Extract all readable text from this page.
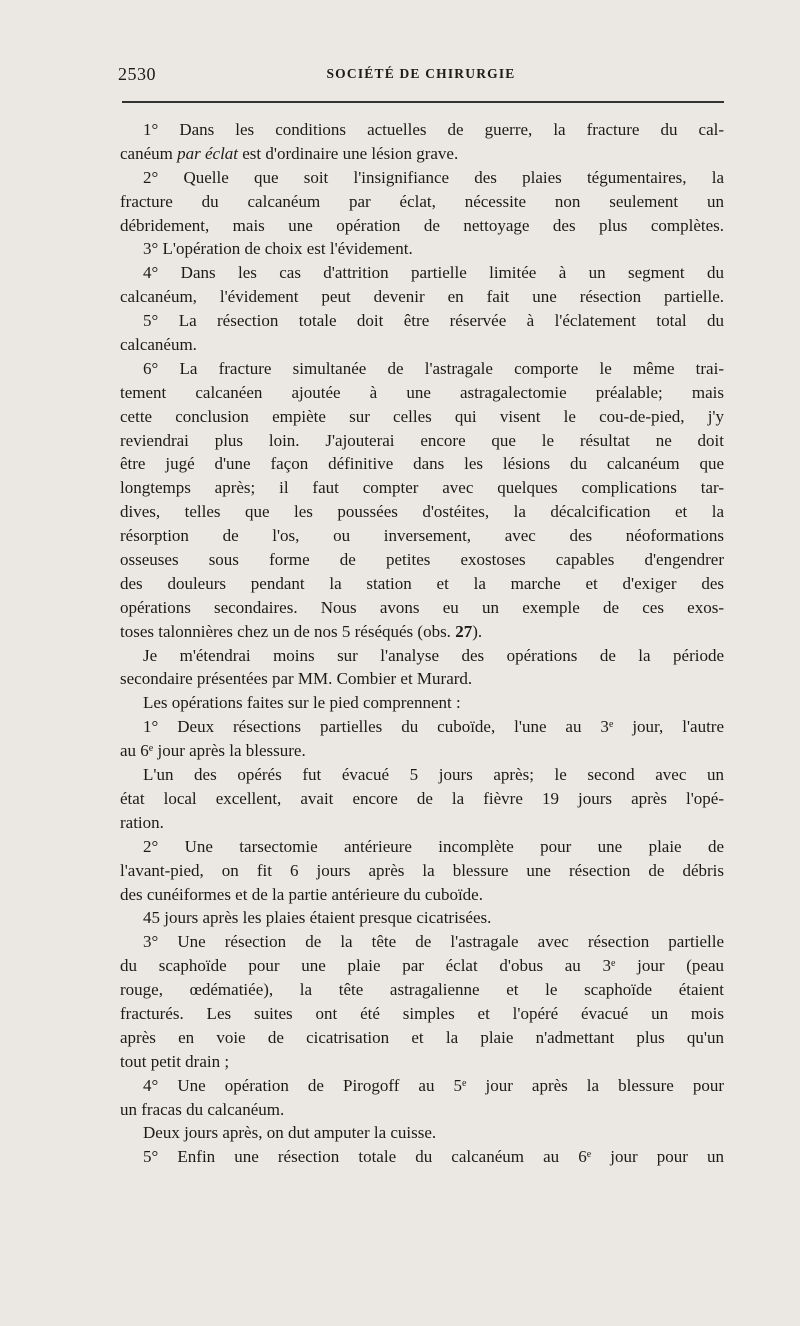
2530	SOCIÉTÉ DE CHIRURGIE
1° Dans les conditions actuelles de guerre, la fracture du cal-
canéum par éclat est d'ordinaire une lésion grave.
2° Quelle que soit l'insignifiance des plaies tégumentaires, la
fracture du calcanéum par éclat, nécessite non seulement un
débridement, mais une opération de nettoyage des plus complètes.
3° L'opération de choix est l'évidement.
4° Dans les cas d'attrition partielle limitée à un segment du
calcanéum, l'évidement peut devenir en fait une résection partielle.
5° La résection totale doit être réservée à l'éclatement total du
calcanéum.
6° La fracture simultanée de l'astragale comporte le même trai-
tement calcanéen ajoutée à une astragalectomie préalable; mais
cette conclusion empiète sur celles qui visent le cou-de-pied, j'y
reviendrai plus loin. J'ajouterai encore que le résultat ne doit
être jugé d'une façon définitive dans les lésions du calcanéum que
longtemps après; il faut compter avec quelques complications tar-
dives, telles que les poussées d'ostéites, la décalcification et la
résorption de l'os, ou inversement, avec des néoformations
osseuses sous forme de petites exostoses capables d'engendrer
des douleurs pendant la station et la marche et d'exiger des
opérations secondaires. Nous avons eu un exemple de ces exos-
toses talonnières chez un de nos 5 réséqués (obs. 27).
Je m'étendrai moins sur l'analyse des opérations de la période
secondaire présentées par MM. Combier et Murard.
Les opérations faites sur le pied comprennent :
1° Deux résections partielles du cuboïde, l'une au 3e jour, l'autre
au 6e jour après la blessure.
L'un des opérés fut évacué 5 jours après; le second avec un
état local excellent, avait encore de la fièvre 19 jours après l'opé-
ration.
2° Une tarsectomie antérieure incomplète pour une plaie de
l'avant-pied, on fit 6 jours après la blessure une résection de débris
des cunéiformes et de la partie antérieure du cuboïde.
45 jours après les plaies étaient presque cicatrisées.
3° Une résection de la tête de l'astragale avec résection partielle
du scaphoïde pour une plaie par éclat d'obus au 3e jour (peau
rouge, œdématiée), la tête astragalienne et le scaphoïde étaient
fracturés. Les suites ont été simples et l'opéré évacué un mois
après en voie de cicatrisation et la plaie n'admettant plus qu'un
tout petit drain ;
4° Une opération de Pirogoff au 5e jour après la blessure pour
un fracas du calcanéum.
Deux jours après, on dut amputer la cuisse.
5° Enfin une résection totale du calcanéum au 6e jour pour un
